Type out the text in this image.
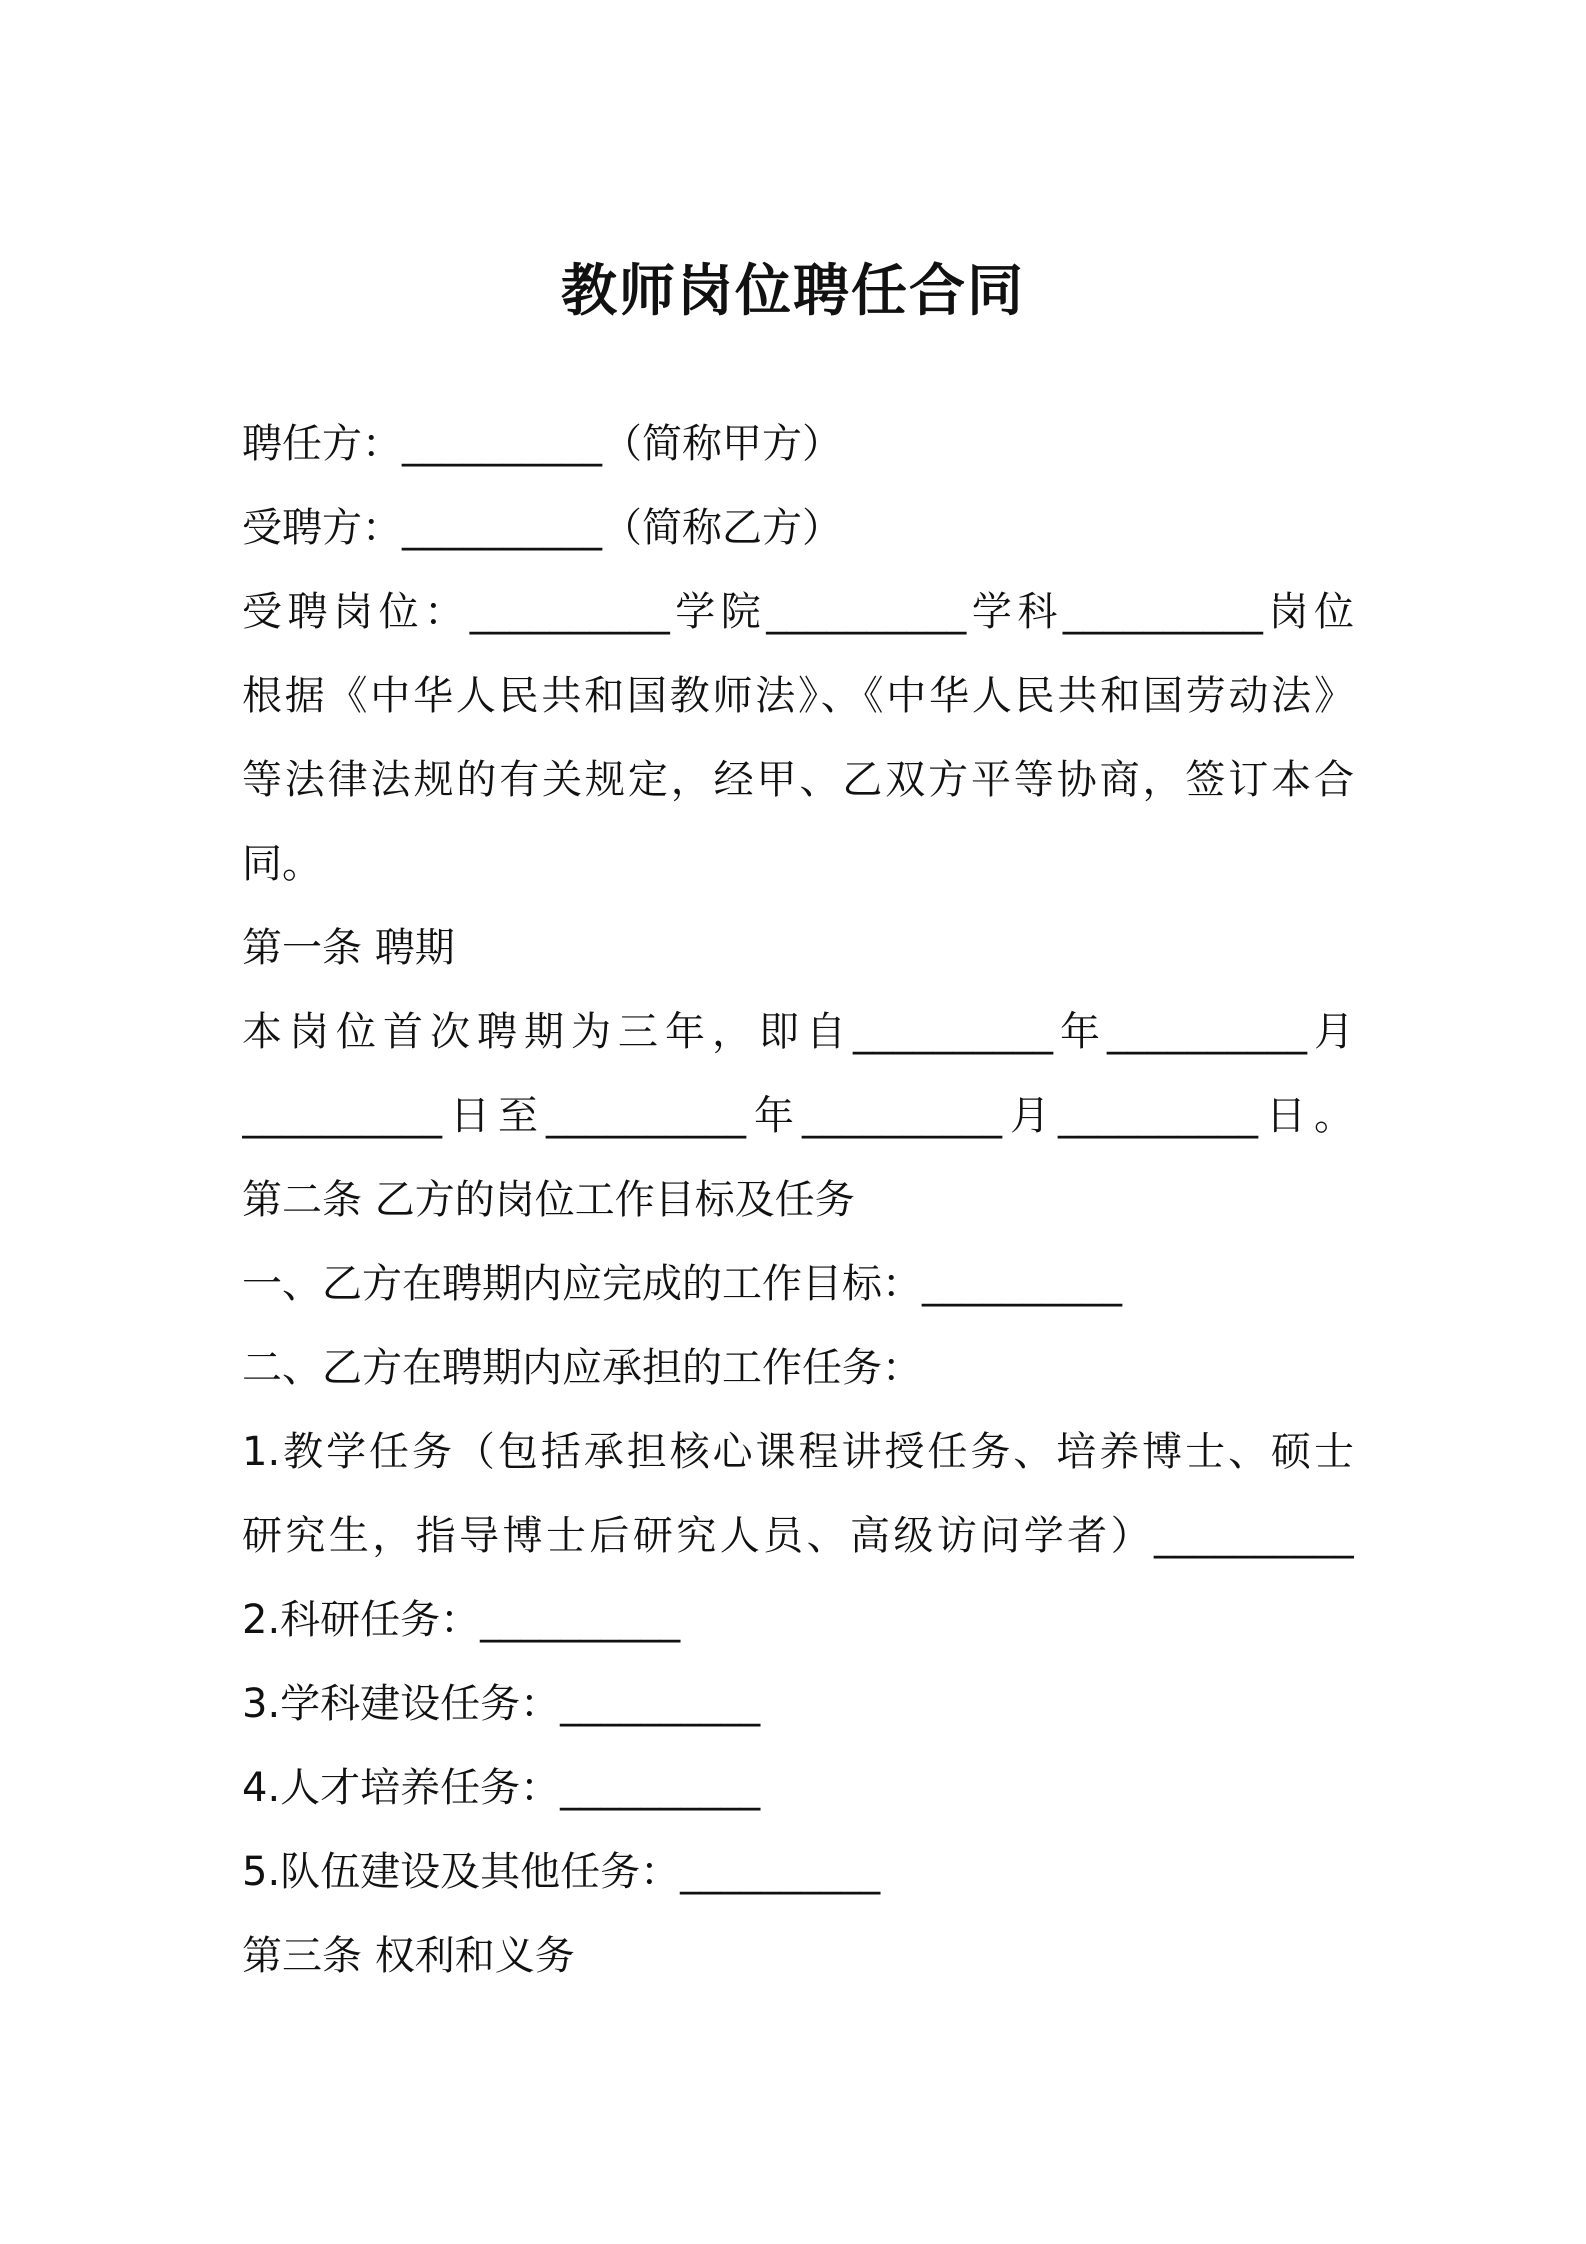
教师岗位聘任合同
聘任方：__________（简称甲方）
受聘方：__________（简称乙方）
受聘岗位：__________学院__________学科__________岗位
根据《中华人民共和国教师法》、《中华人民共和国劳动法》
等法律法规的有关规定，经甲、乙双方平等协商，签订本合
同。
第一条 聘期
本岗位首次聘期为三年，即自__________年__________月
__________日至__________年__________月__________日。
第二条 乙方的岗位工作目标及任务
一、乙方在聘期内应完成的工作目标：__________
二、乙方在聘期内应承担的工作任务：
1.教学任务（包括承担核心课程讲授任务、培养博士、硕士
研究生，指导博士后研究人员、高级访问学者）__________
2.科研任务：__________
3.学科建设任务：__________
4.人才培养任务：__________
5.队伍建设及其他任务：__________
第三条 权利和义务
